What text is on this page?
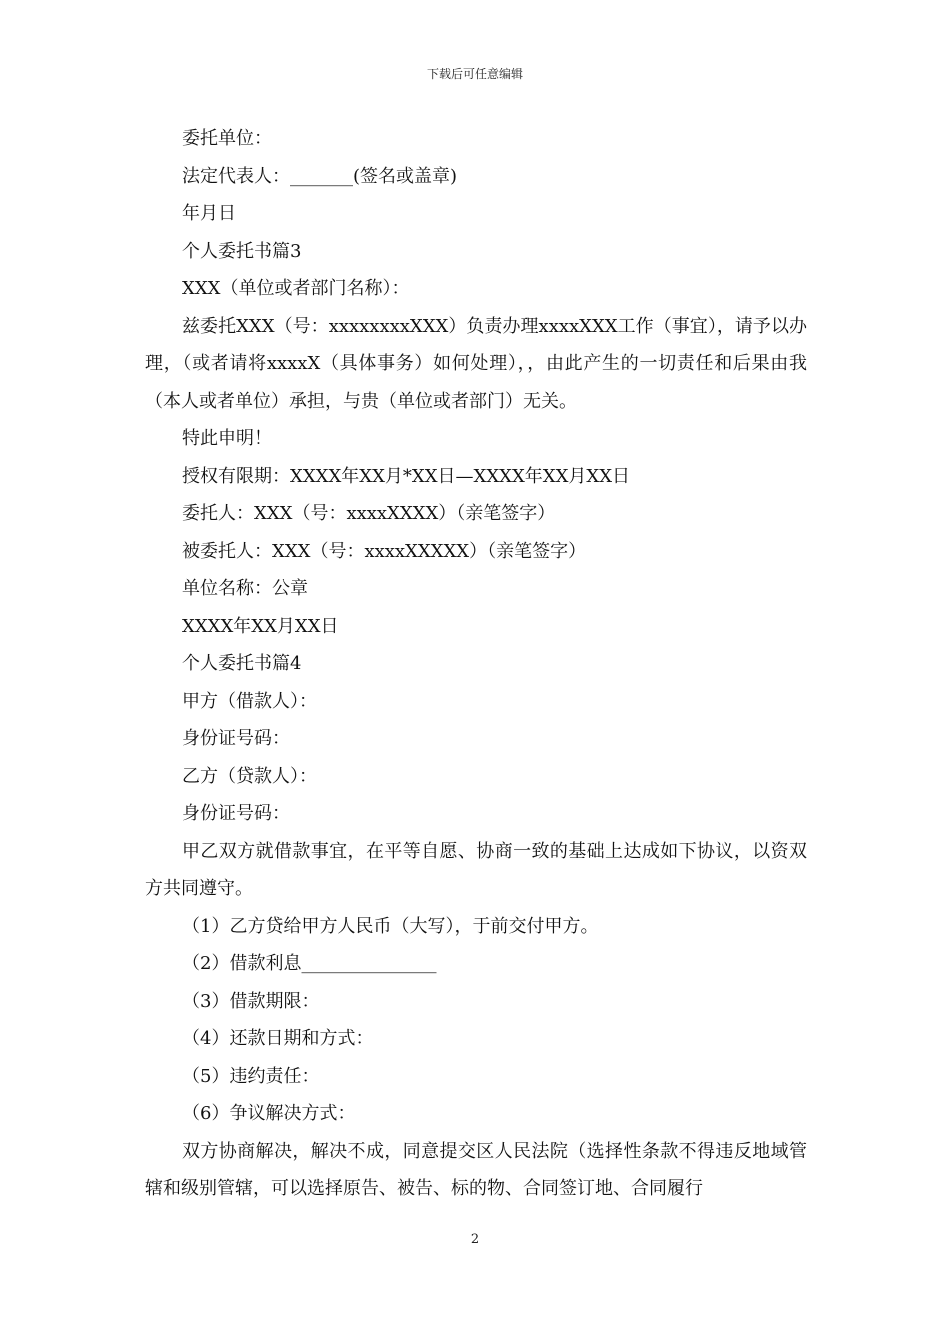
下载后可任意编辑
委托单位：
法定代表人：_______(签名或盖章)
年月日
个人委托书篇3
XXX（单位或者部门名称）：
兹委托XXX（号：xxxxxxxxXXX）负责办理xxxxXXX工作（事宜），请予以办理，（或者请将xxxxX（具体事务）如何处理），，由此产生的一切责任和后果由我（本人或者单位）承担，与贵（单位或者部门）无关。
特此申明！
授权有限期：XXXX年XX月*XX日—XXXX年XX月XX日
委托人：XXX（号：xxxxXXXX）（亲笔签字）
被委托人：XXX（号：xxxxXXXXX）（亲笔签字）
单位名称：公章
XXXX年XX月XX日
个人委托书篇4
甲方（借款人）：
身份证号码：
乙方（贷款人）：
身份证号码：
甲乙双方就借款事宜，在平等自愿、协商一致的基础上达成如下协议，以资双方共同遵守。
（1）乙方贷给甲方人民币（大写），于前交付甲方。
（2）借款利息_______________
（3）借款期限：
（4）还款日期和方式：
（5）违约责任：
（6）争议解决方式：
双方协商解决，解决不成，同意提交区人民法院（选择性条款不得违反地域管辖和级别管辖，可以选择原告、被告、标的物、合同签订地、合同履行
2
